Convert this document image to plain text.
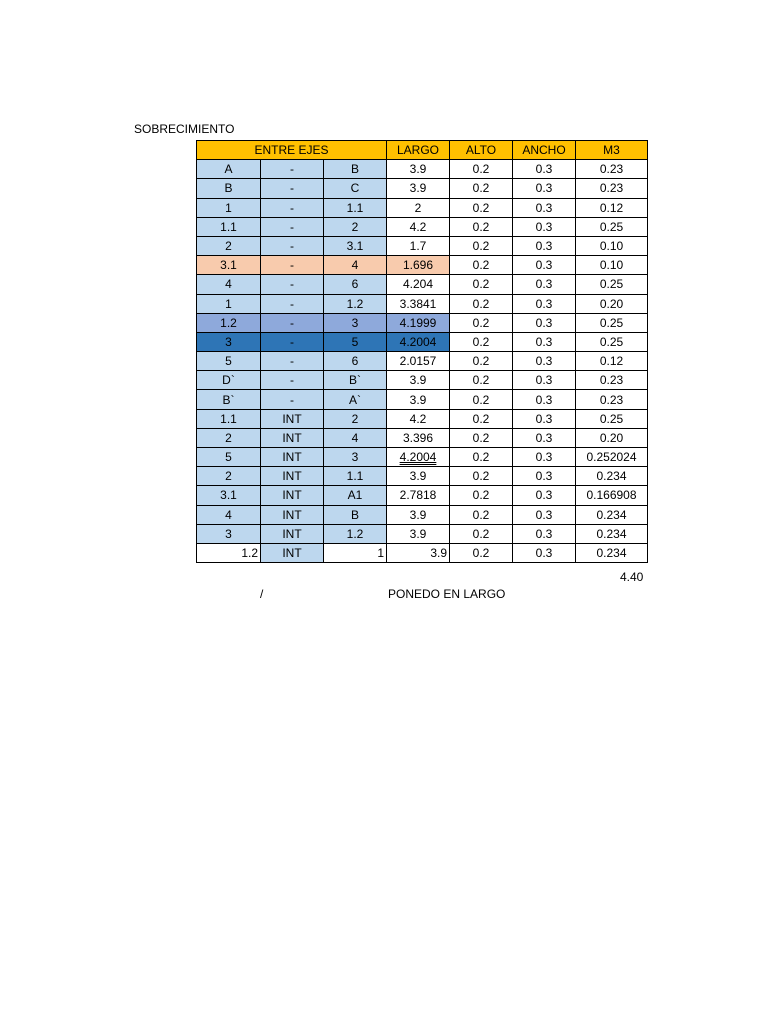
SOBRECIMIENTO
ENTRE EJES			LARGO	ALTO	ANCHO	M3
A	-	B	3.9	0.2	0.3	0.23
B	-	C	3.9	0.2	0.3	0.23
1	-	1.1	2	0.2	0.3	0.12
1.1	-	2	4.2	0.2	0.3	0.25
2	-	3.1	1.7	0.2	0.3	0.10
3.1	-	4	1.696	0.2	0.3	0.10
4	-	6	4.204	0.2	0.3	0.25
1	-	1.2	3.3841	0.2	0.3	0.20
1.2	-	3	4.1999	0.2	0.3	0.25
3	-	5	4.2004	0.2	0.3	0.25
5	-	6	2.0157	0.2	0.3	0.12
D`	-	B`	3.9	0.2	0.3	0.23
B`	-	A`	3.9	0.2	0.3	0.23
1.1	INT	2	4.2	0.2	0.3	0.25
2	INT	4	3.396	0.2	0.3	0.20
5	INT	3	4.2004	0.2	0.3	0.252024
2	INT	1.1	3.9	0.2	0.3	0.234
3.1	INT	A1	2.7818	0.2	0.3	0.166908
4	INT	B	3.9	0.2	0.3	0.234
3	INT	1.2	3.9	0.2	0.3	0.234
1.2	INT	1	3.9	0.2	0.3	0.234
4.40
/	PONEDO EN LARGO
